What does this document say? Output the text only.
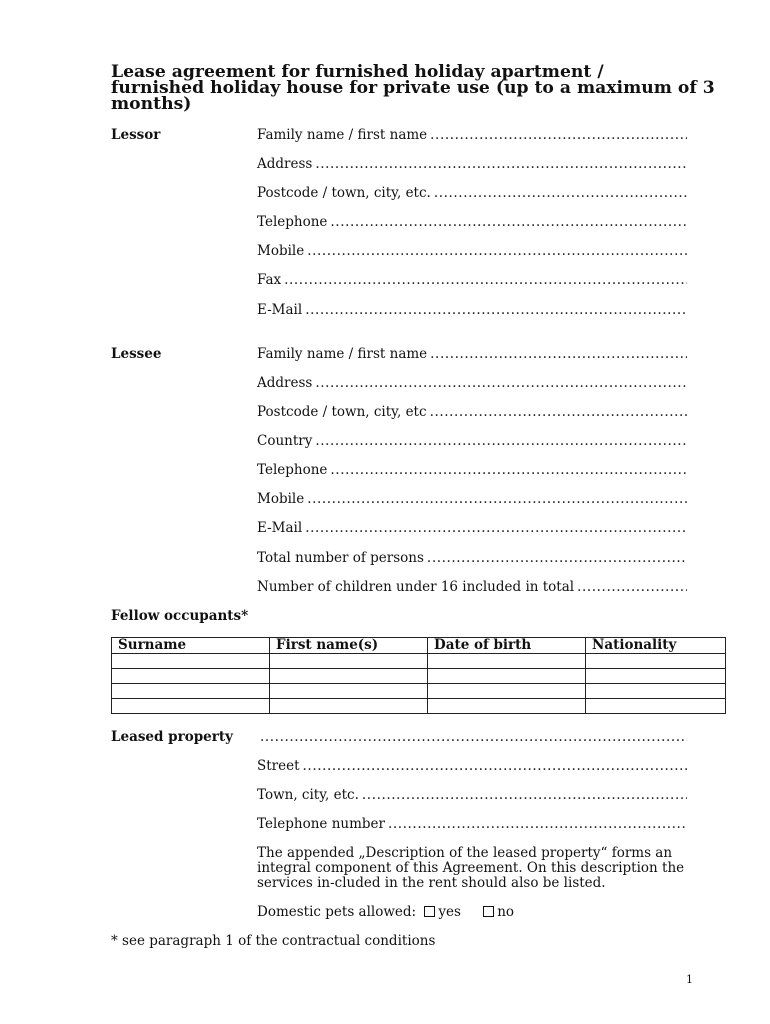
Lease agreement for furnished holiday apartment /
furnished holiday house for private use (up to a maximum of 3
months)
Lessor	Family name / first name
.....
Address
.....
Postcode / town, city, etc.
.....
Telephone
.....
Mobile
.....
Fax
.....
E-Mail
.....
Lessee	Family name / first name
.....
Address
.....
Postcode / town, city, etc
.....
Country
.....
Telephone
.....
Mobile
.....
E-Mail
.....
Total number of persons
.....
Number of children under 16 included in total
.....
Fellow occupants*
Surname	First name(s)	Date of birth	Nationality

Leased property
.....
Street
.....
Town, city, etc.
.....
Telephone number
.....
The appended „Description of the leased property“ forms an integral component of this Agreement. On this description the services in-cluded in the rent should also be listed.
Domestic pets allowed: yes	no
* see paragraph 1 of the contractual conditions
1
